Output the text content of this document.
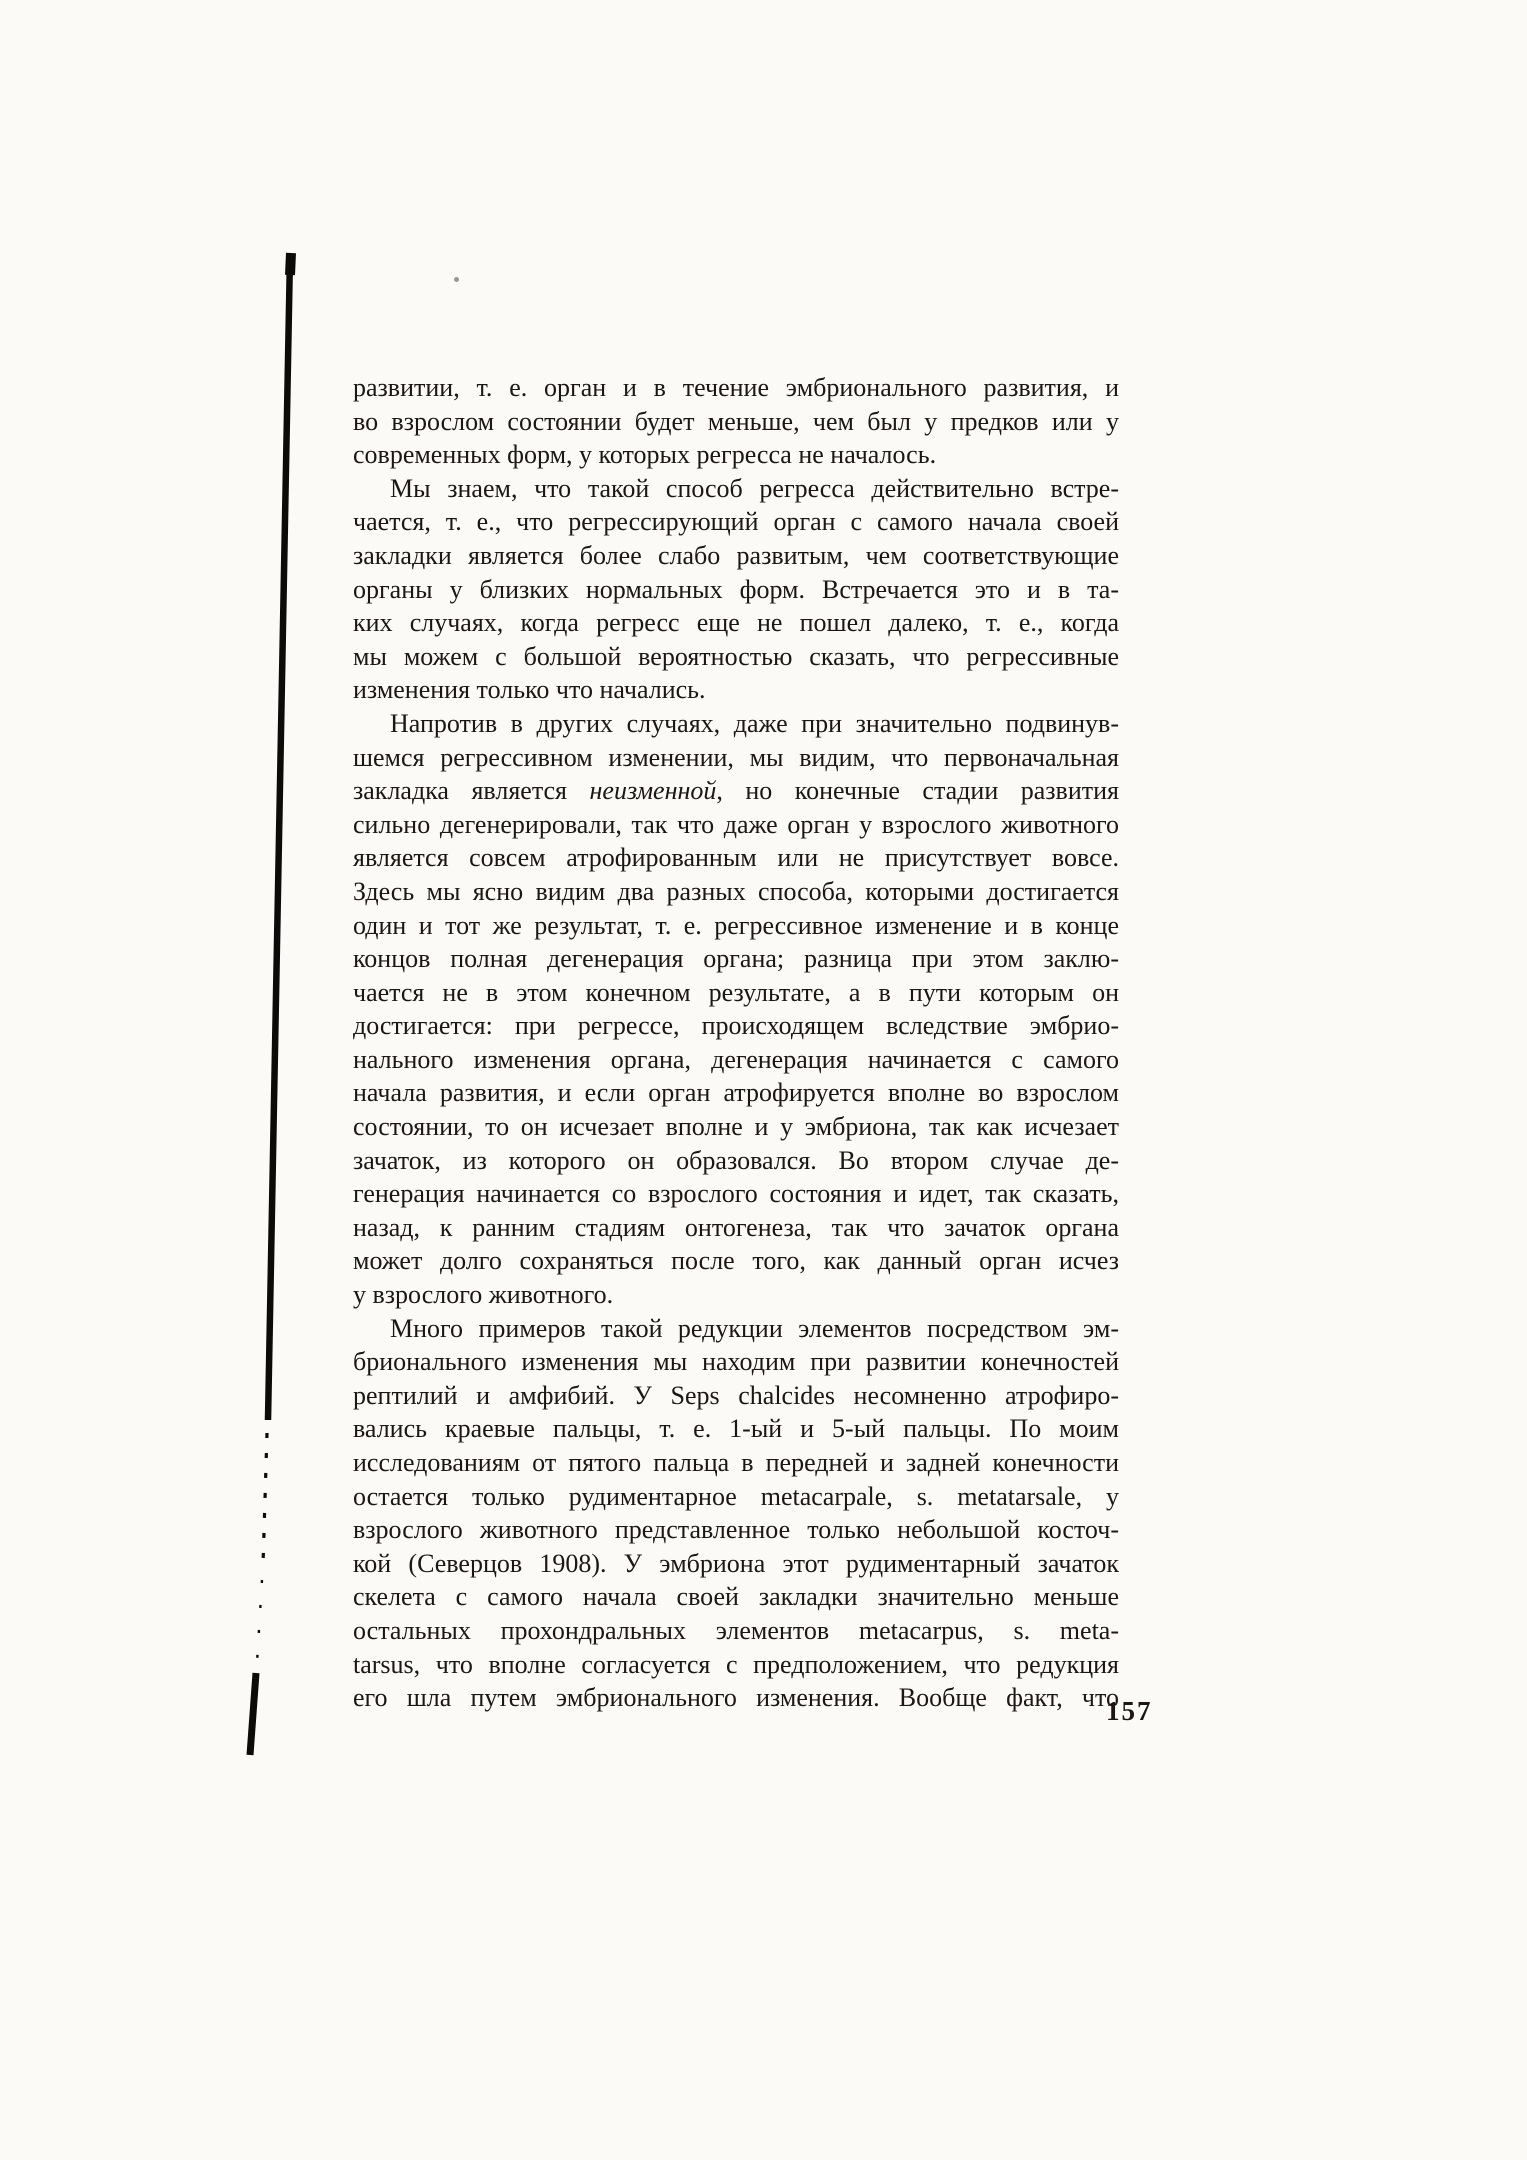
развитии, т. е. орган и в течение эмбрионального развития, и
во взрослом состоянии будет меньше, чем был у предков или у
современных форм, у которых регресса не началось.
Мы знаем, что такой способ регресса действительно встре-
чается, т. е., что регрессирующий орган с самого начала своей
закладки является более слабо развитым, чем соответствующие
органы у близких нормальных форм. Встречается это и в та-
ких случаях, когда регресс еще не пошел далеко, т. е., когда
мы можем с большой вероятностью сказать, что регрессивные
изменения только что начались.
Напротив в других случаях, даже при значительно подвинув-
шемся регрессивном изменении, мы видим, что первоначальная
закладка является неизменной, но конечные стадии развития
сильно дегенерировали, так что даже орган у взрослого животного
является совсем атрофированным или не присутствует вовсе.
Здесь мы ясно видим два разных способа, которыми достигается
один и тот же результат, т. е. регрессивное изменение и в конце
концов полная дегенерация органа; разница при этом заклю-
чается не в этом конечном результате, а в пути которым он
достигается: при регрессе, происходящем вследствие эмбрио-
нального изменения органа, дегенерация начинается с самого
начала развития, и если орган атрофируется вполне во взрослом
состоянии, то он исчезает вполне и у эмбриона, так как исчезает
зачаток, из которого он образовался. Во втором случае де-
генерация начинается со взрослого состояния и идет, так сказать,
назад, к ранним стадиям онтогенеза, так что зачаток органа
может долго сохраняться после того, как данный орган исчез
у взрослого животного.
Много примеров такой редукции элементов посредством эм-
брионального изменения мы находим при развитии конечностей
рептилий и амфибий. У Seps chalcides несомненно атрофиро-
вались краевые пальцы, т. е. 1-ый и 5-ый пальцы. По моим
исследованиям от пятого пальца в передней и задней конечности
остается только рудиментарное metacarpale, s. metatarsale, у
взрослого животного представленное только небольшой косточ-
кой (Северцов 1908). У эмбриона этот рудиментарный зачаток
скелета с самого начала своей закладки значительно меньше
остальных прохондральных элементов metacarpus, s. meta-
tarsus, что вполне согласуется с предположением, что редукция
его шла путем эмбрионального изменения. Вообще факт, что
157
